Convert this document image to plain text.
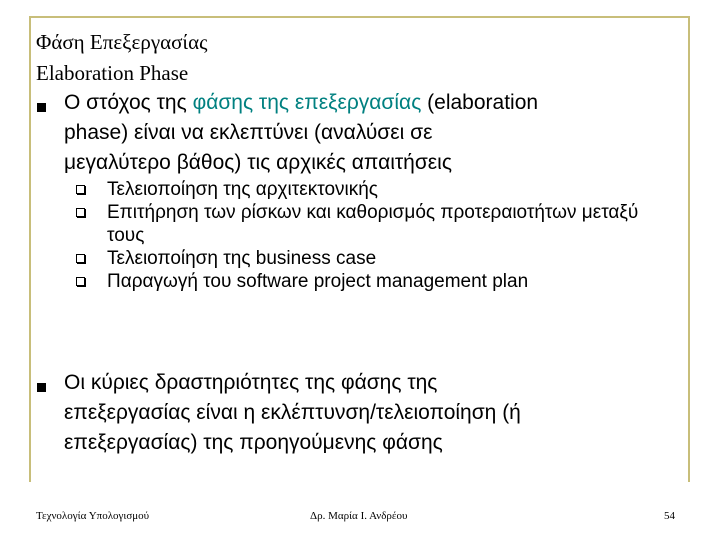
Φάση Επεξεργασίας
Elaboration Phase
Ο στόχος της φάσης της επεξεργασίας (elaboration
phase) είναι να εκλεπτύνει (αναλύσει σε
μεγαλύτερο βάθος) τις αρχικές απαιτήσεις
Τελειοποίηση της αρχιτεκτονικής
Επιτήρηση των ρίσκων και καθορισμός προτεραιοτήτων μεταξύ τους
Τελειοποίηση της business case
Παραγωγή του software project management plan
Οι κύριες δραστηριότητες της φάσης της
επεξεργασίας είναι η εκλέπτυνση/τελειοποίηση (ή
επεξεργασίας) της προηγούμενης φάσης
Τεχνολογία Υπολογισμού	Δρ. Μαρία Ι. Ανδρέου	54
